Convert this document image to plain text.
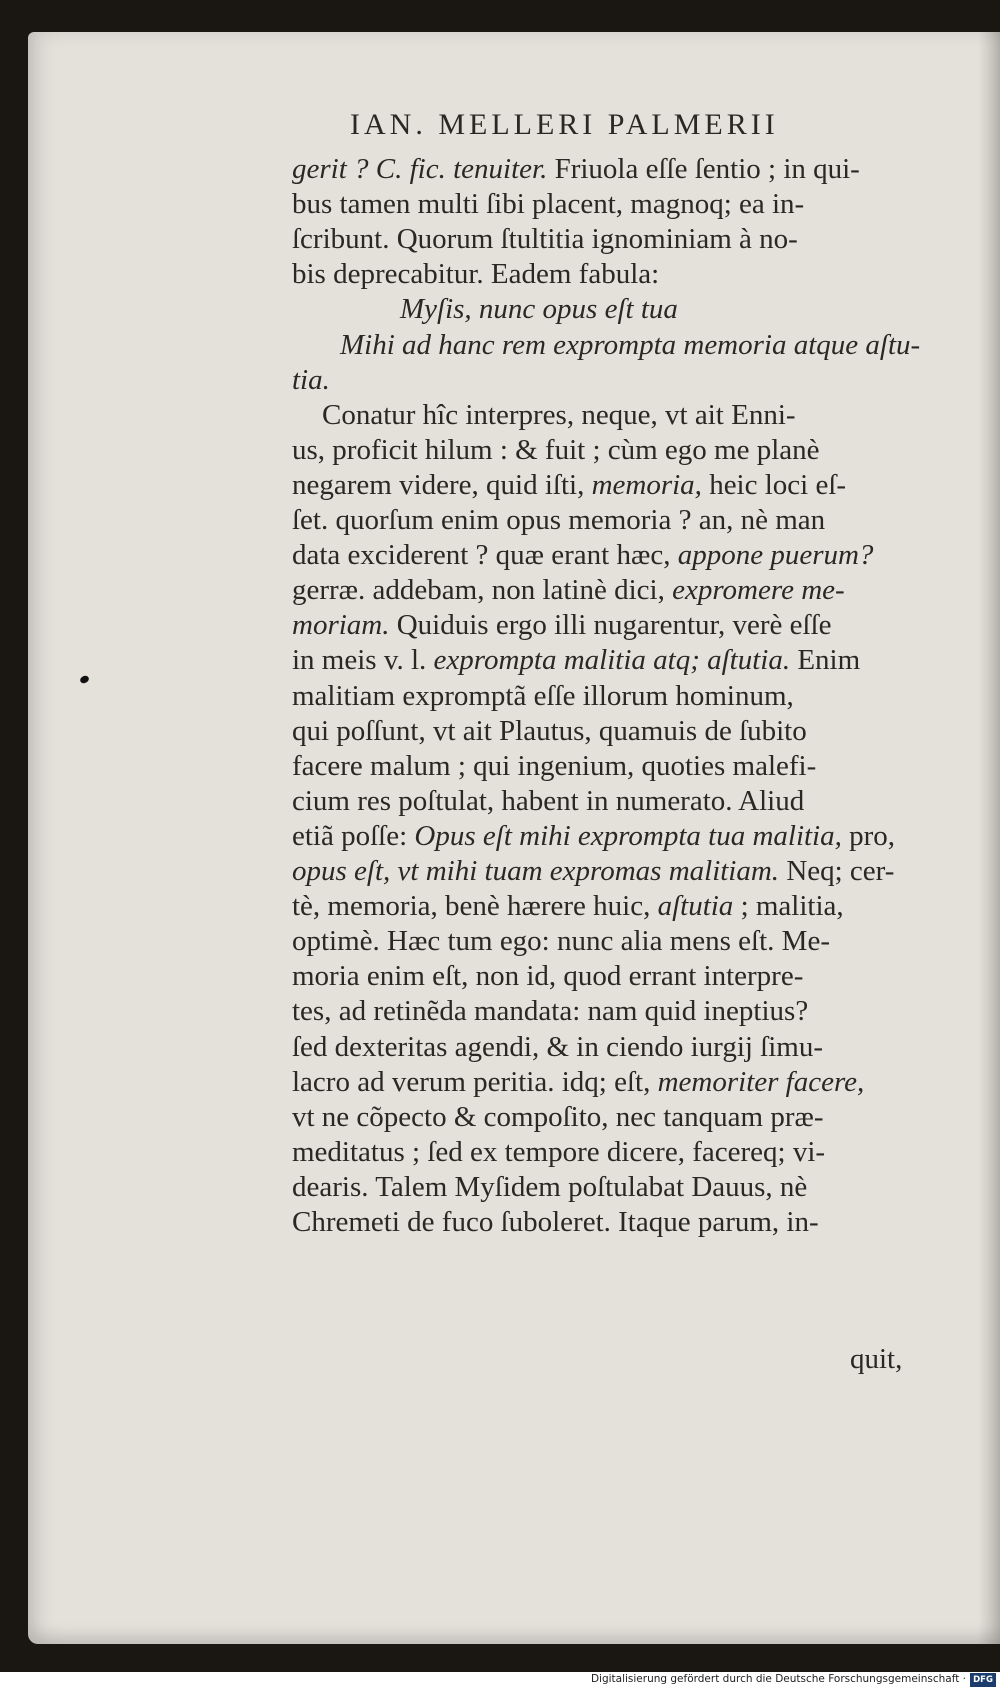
IAN. MELLERI PALMERII
gerit ? C. fic. tenuiter. Friuola eſſe ſentio ; in qui-
bus tamen multi ſibi placent, magnoq; ea in-
ſcribunt. Quorum ſtultitia ignominiam à no-
bis deprecabitur. Eadem fabula:
Myſis, nunc opus eſt tua
Mihi ad hanc rem exprompta memoria atque aſtu-
tia.
Conatur hîc interpres, neque, vt ait Enni-
us, proficit hilum : & fuit ; cùm ego me planè
negarem videre, quid iſti, memoria, heic loci eſ-
ſet. quorſum enim opus memoria ? an, nè man
data exciderent ? quæ erant hæc, appone puerum?
gerræ. addebam, non latinè dici, expromere me-
moriam. Quiduis ergo illi nugarentur, verè eſſe
in meis v. l. exprompta malitia atq; aſtutia. Enim
malitiam expromptã eſſe illorum hominum,
qui poſſunt, vt ait Plautus, quamuis de ſubito
facere malum ; qui ingenium, quoties malefi-
cium res poſtulat, habent in numerato. Aliud
etiã poſſe: Opus eſt mihi exprompta tua malitia, pro,
opus eſt, vt mihi tuam expromas malitiam. Neq; cer-
tè, memoria, benè hærere huic, aſtutia ; malitia,
optimè. Hæc tum ego: nunc alia mens eſt. Me-
moria enim eſt, non id, quod errant interpre-
tes, ad retinẽda mandata: nam quid ineptius?
ſed dexteritas agendi, & in ciendo iurgij ſimu-
lacro ad verum peritia. idq; eſt, memoriter facere,
vt ne cõpecto & compoſito, nec tanquam præ-
meditatus ; ſed ex tempore dicere, facereq; vi-
dearis. Talem Myſidem poſtulabat Dauus, nè
Chremeti de fuco ſuboleret. Itaque parum, in-
quit,
Digitalisierung gefördert durch die Deutsche Forschungsgemeinschaft · DFG
